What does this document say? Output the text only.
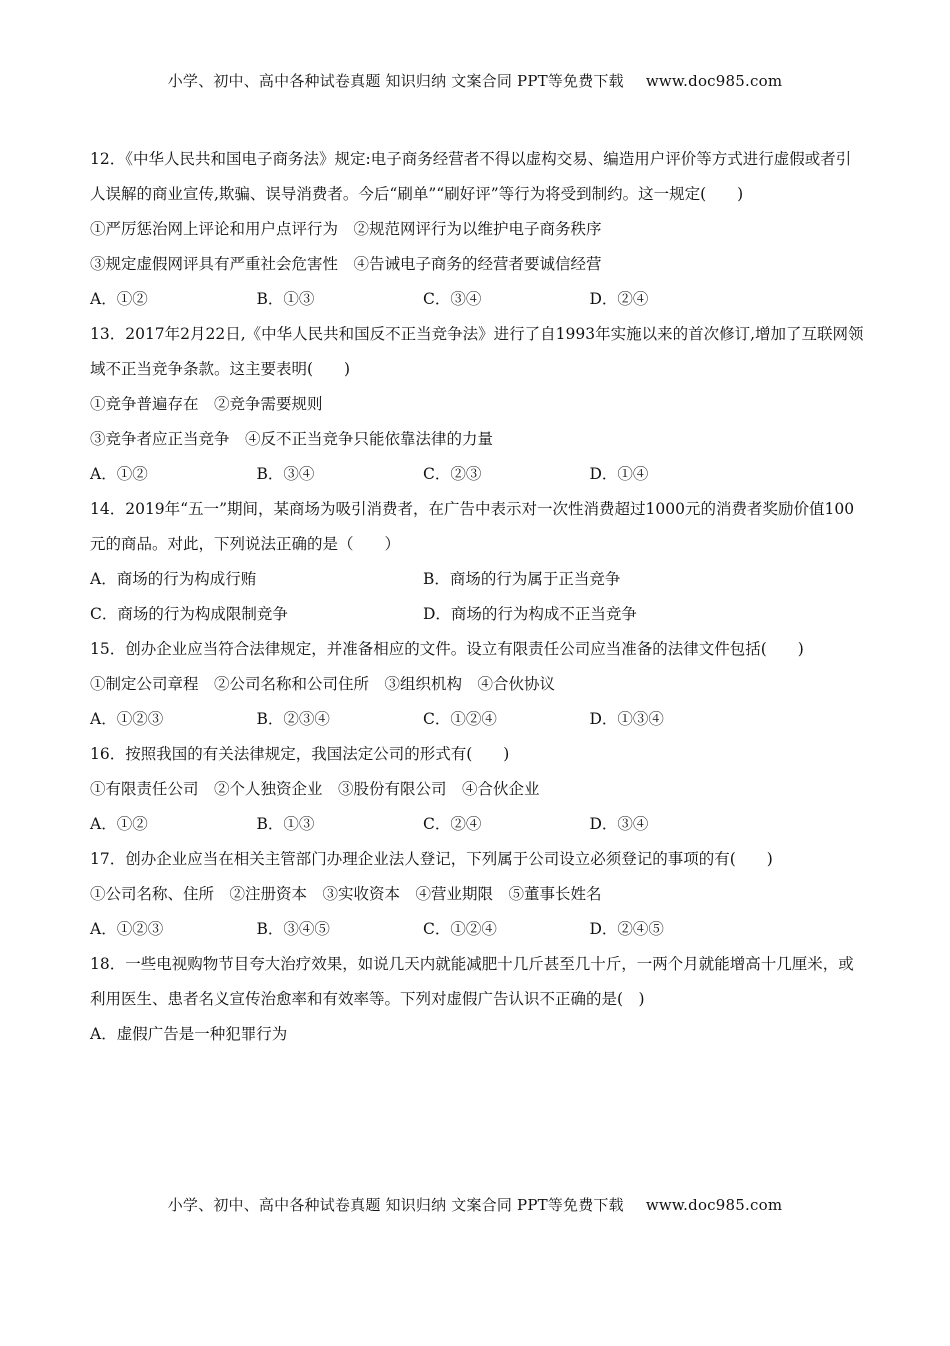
小学、初中、高中各种试卷真题 知识归纳 文案合同 PPT等免费下载 www.doc985.com
12．《中华人民共和国电子商务法》规定:电子商务经营者不得以虚构交易、编造用户评价等方式进行虚假或者引人误解的商业宣传,欺骗、误导消费者。今后“刷单”“刷好评”等行为将受到制约。这一规定(　　)
①严厉惩治网上评论和用户点评行为　②规范网评行为以维护电子商务秩序
③规定虚假网评具有严重社会危害性　④告诫电子商务的经营者要诚信经营
A．①②	B．①③	C．③④	D．②④
13．2017年2月22日,《中华人民共和国反不正当竞争法》进行了自1993年实施以来的首次修订,增加了互联网领域不正当竞争条款。这主要表明(　　)
①竞争普遍存在　②竞争需要规则
③竞争者应正当竞争　④反不正当竞争只能依靠法律的力量
A．①②	B．③④	C．②③	D．①④
14．2019年“五一”期间，某商场为吸引消费者，在广告中表示对一次性消费超过1000元的消费者奖励价值100元的商品。对此，下列说法正确的是（　　）
A．商场的行为构成行贿	B．商场的行为属于正当竞争
C．商场的行为构成限制竞争	D．商场的行为构成不正当竞争
15．创办企业应当符合法律规定，并准备相应的文件。设立有限责任公司应当准备的法律文件包括(　　)
①制定公司章程　②公司名称和公司住所　③组织机构　④合伙协议
A．①②③	B．②③④	C．①②④	D．①③④
16．按照我国的有关法律规定，我国法定公司的形式有(　　)
①有限责任公司　②个人独资企业　③股份有限公司　④合伙企业
A．①②	B．①③	C．②④	D．③④
17．创办企业应当在相关主管部门办理企业法人登记，下列属于公司设立必须登记的事项的有(　　)
①公司名称、住所　②注册资本　③实收资本　④营业期限　⑤董事长姓名
A．①②③	B．③④⑤	C．①②④	D．②④⑤
18．一些电视购物节目夸大治疗效果，如说几天内就能减肥十几斤甚至几十斤，一两个月就能增高十几厘米，或利用医生、患者名义宣传治愈率和有效率等。下列对虚假广告认识不正确的是(　)
A．虚假广告是一种犯罪行为
小学、初中、高中各种试卷真题 知识归纳 文案合同 PPT等免费下载 www.doc985.com
